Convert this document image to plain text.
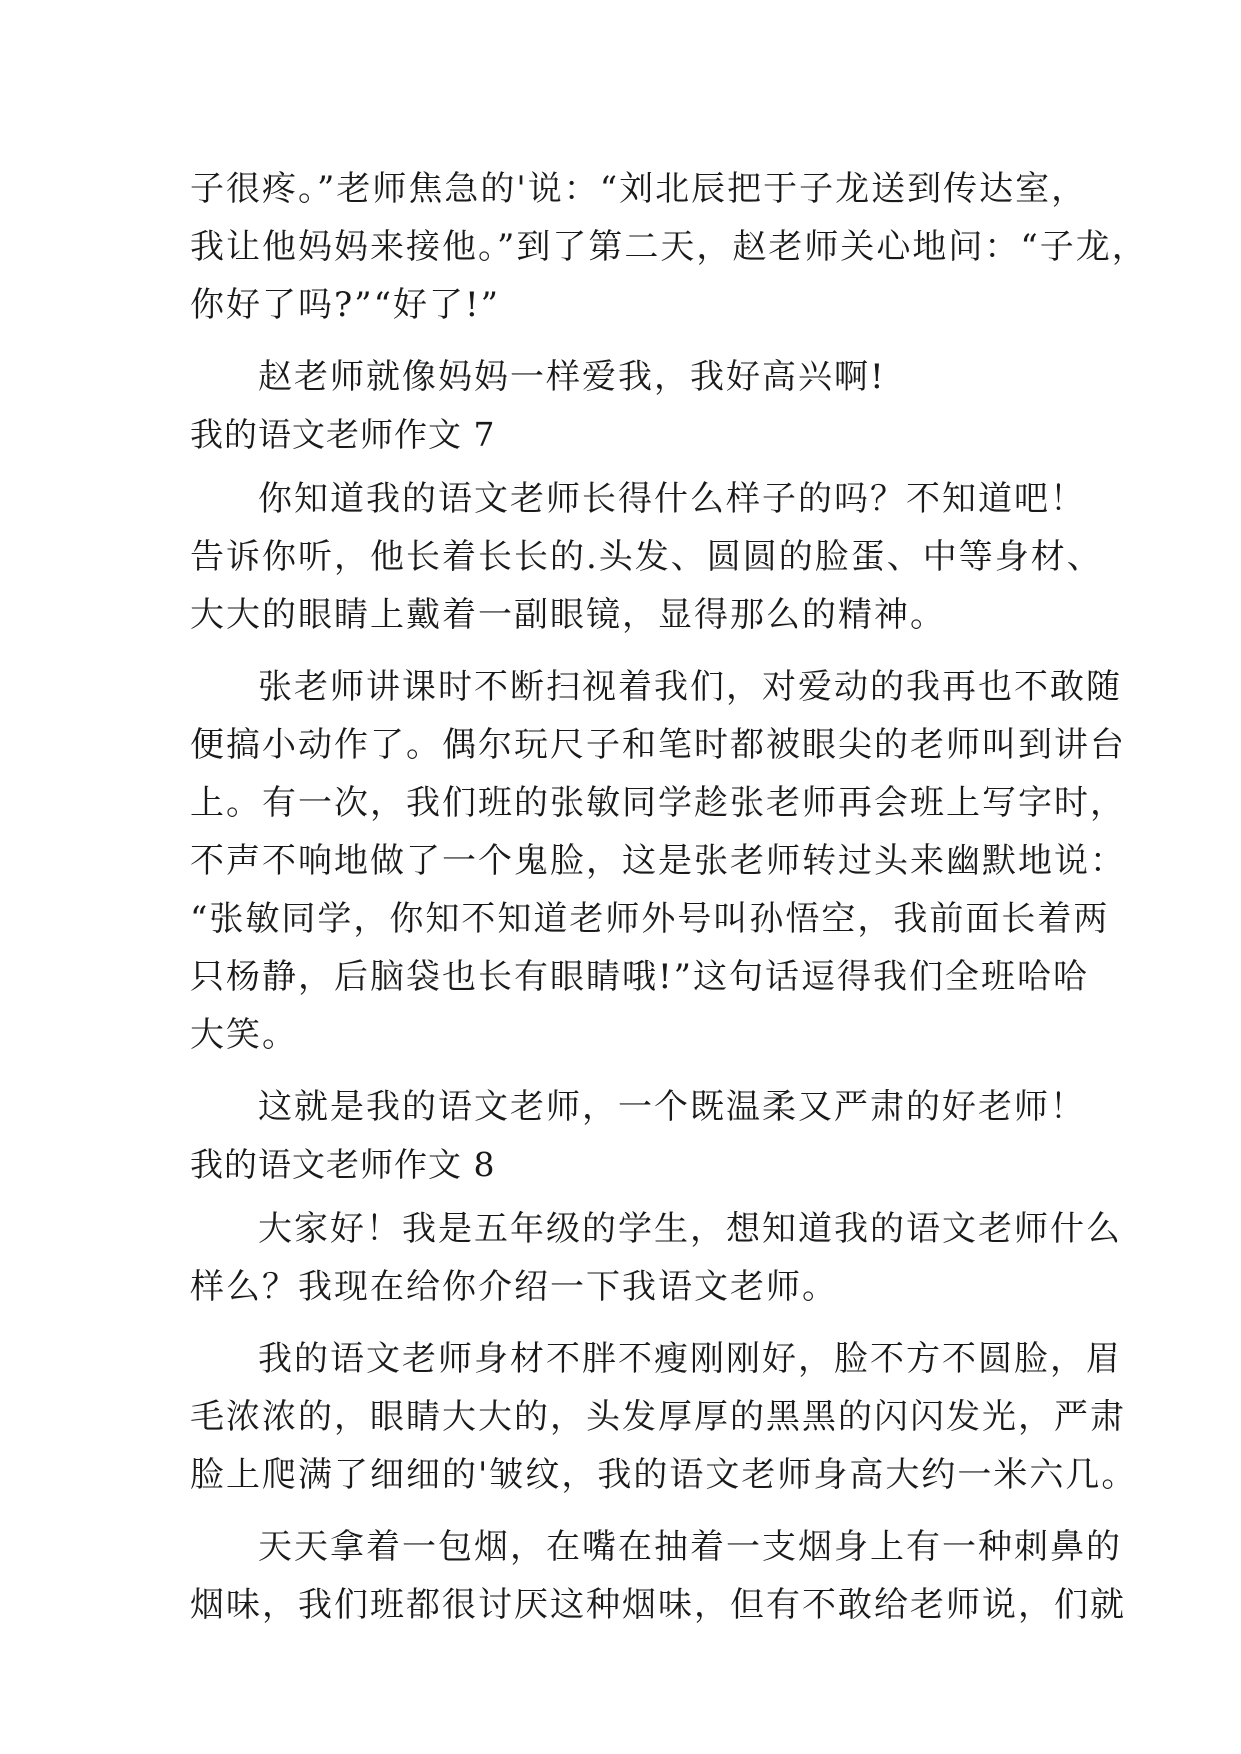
子很疼。”老师焦急的'说：“刘北辰把于子龙送到传达室，
我让他妈妈来接他。”到了第二天，赵老师关心地问：“子龙，
你好了吗?”“好了!”
赵老师就像妈妈一样爱我，我好高兴啊!
我的语文老师作文 7
你知道我的语文老师长得什么样子的吗？不知道吧！
告诉你听，他长着长长的.头发、圆圆的脸蛋、中等身材、
大大的眼睛上戴着一副眼镜，显得那么的精神。
张老师讲课时不断扫视着我们，对爱动的我再也不敢随
便搞小动作了。偶尔玩尺子和笔时都被眼尖的老师叫到讲台
上。有一次，我们班的张敏同学趁张老师再会班上写字时，
不声不响地做了一个鬼脸，这是张老师转过头来幽默地说：
“张敏同学，你知不知道老师外号叫孙悟空，我前面长着两
只杨静，后脑袋也长有眼睛哦!”这句话逗得我们全班哈哈
大笑。
这就是我的语文老师，一个既温柔又严肃的好老师！
我的语文老师作文 8
大家好！我是五年级的学生，想知道我的语文老师什么
样么？我现在给你介绍一下我语文老师。
我的语文老师身材不胖不瘦刚刚好，脸不方不圆脸，眉
毛浓浓的，眼睛大大的，头发厚厚的黑黑的闪闪发光，严肃
脸上爬满了细细的'皱纹，我的语文老师身高大约一米六几。
天天拿着一包烟，在嘴在抽着一支烟身上有一种刺鼻的
烟味，我们班都很讨厌这种烟味，但有不敢给老师说，们就
